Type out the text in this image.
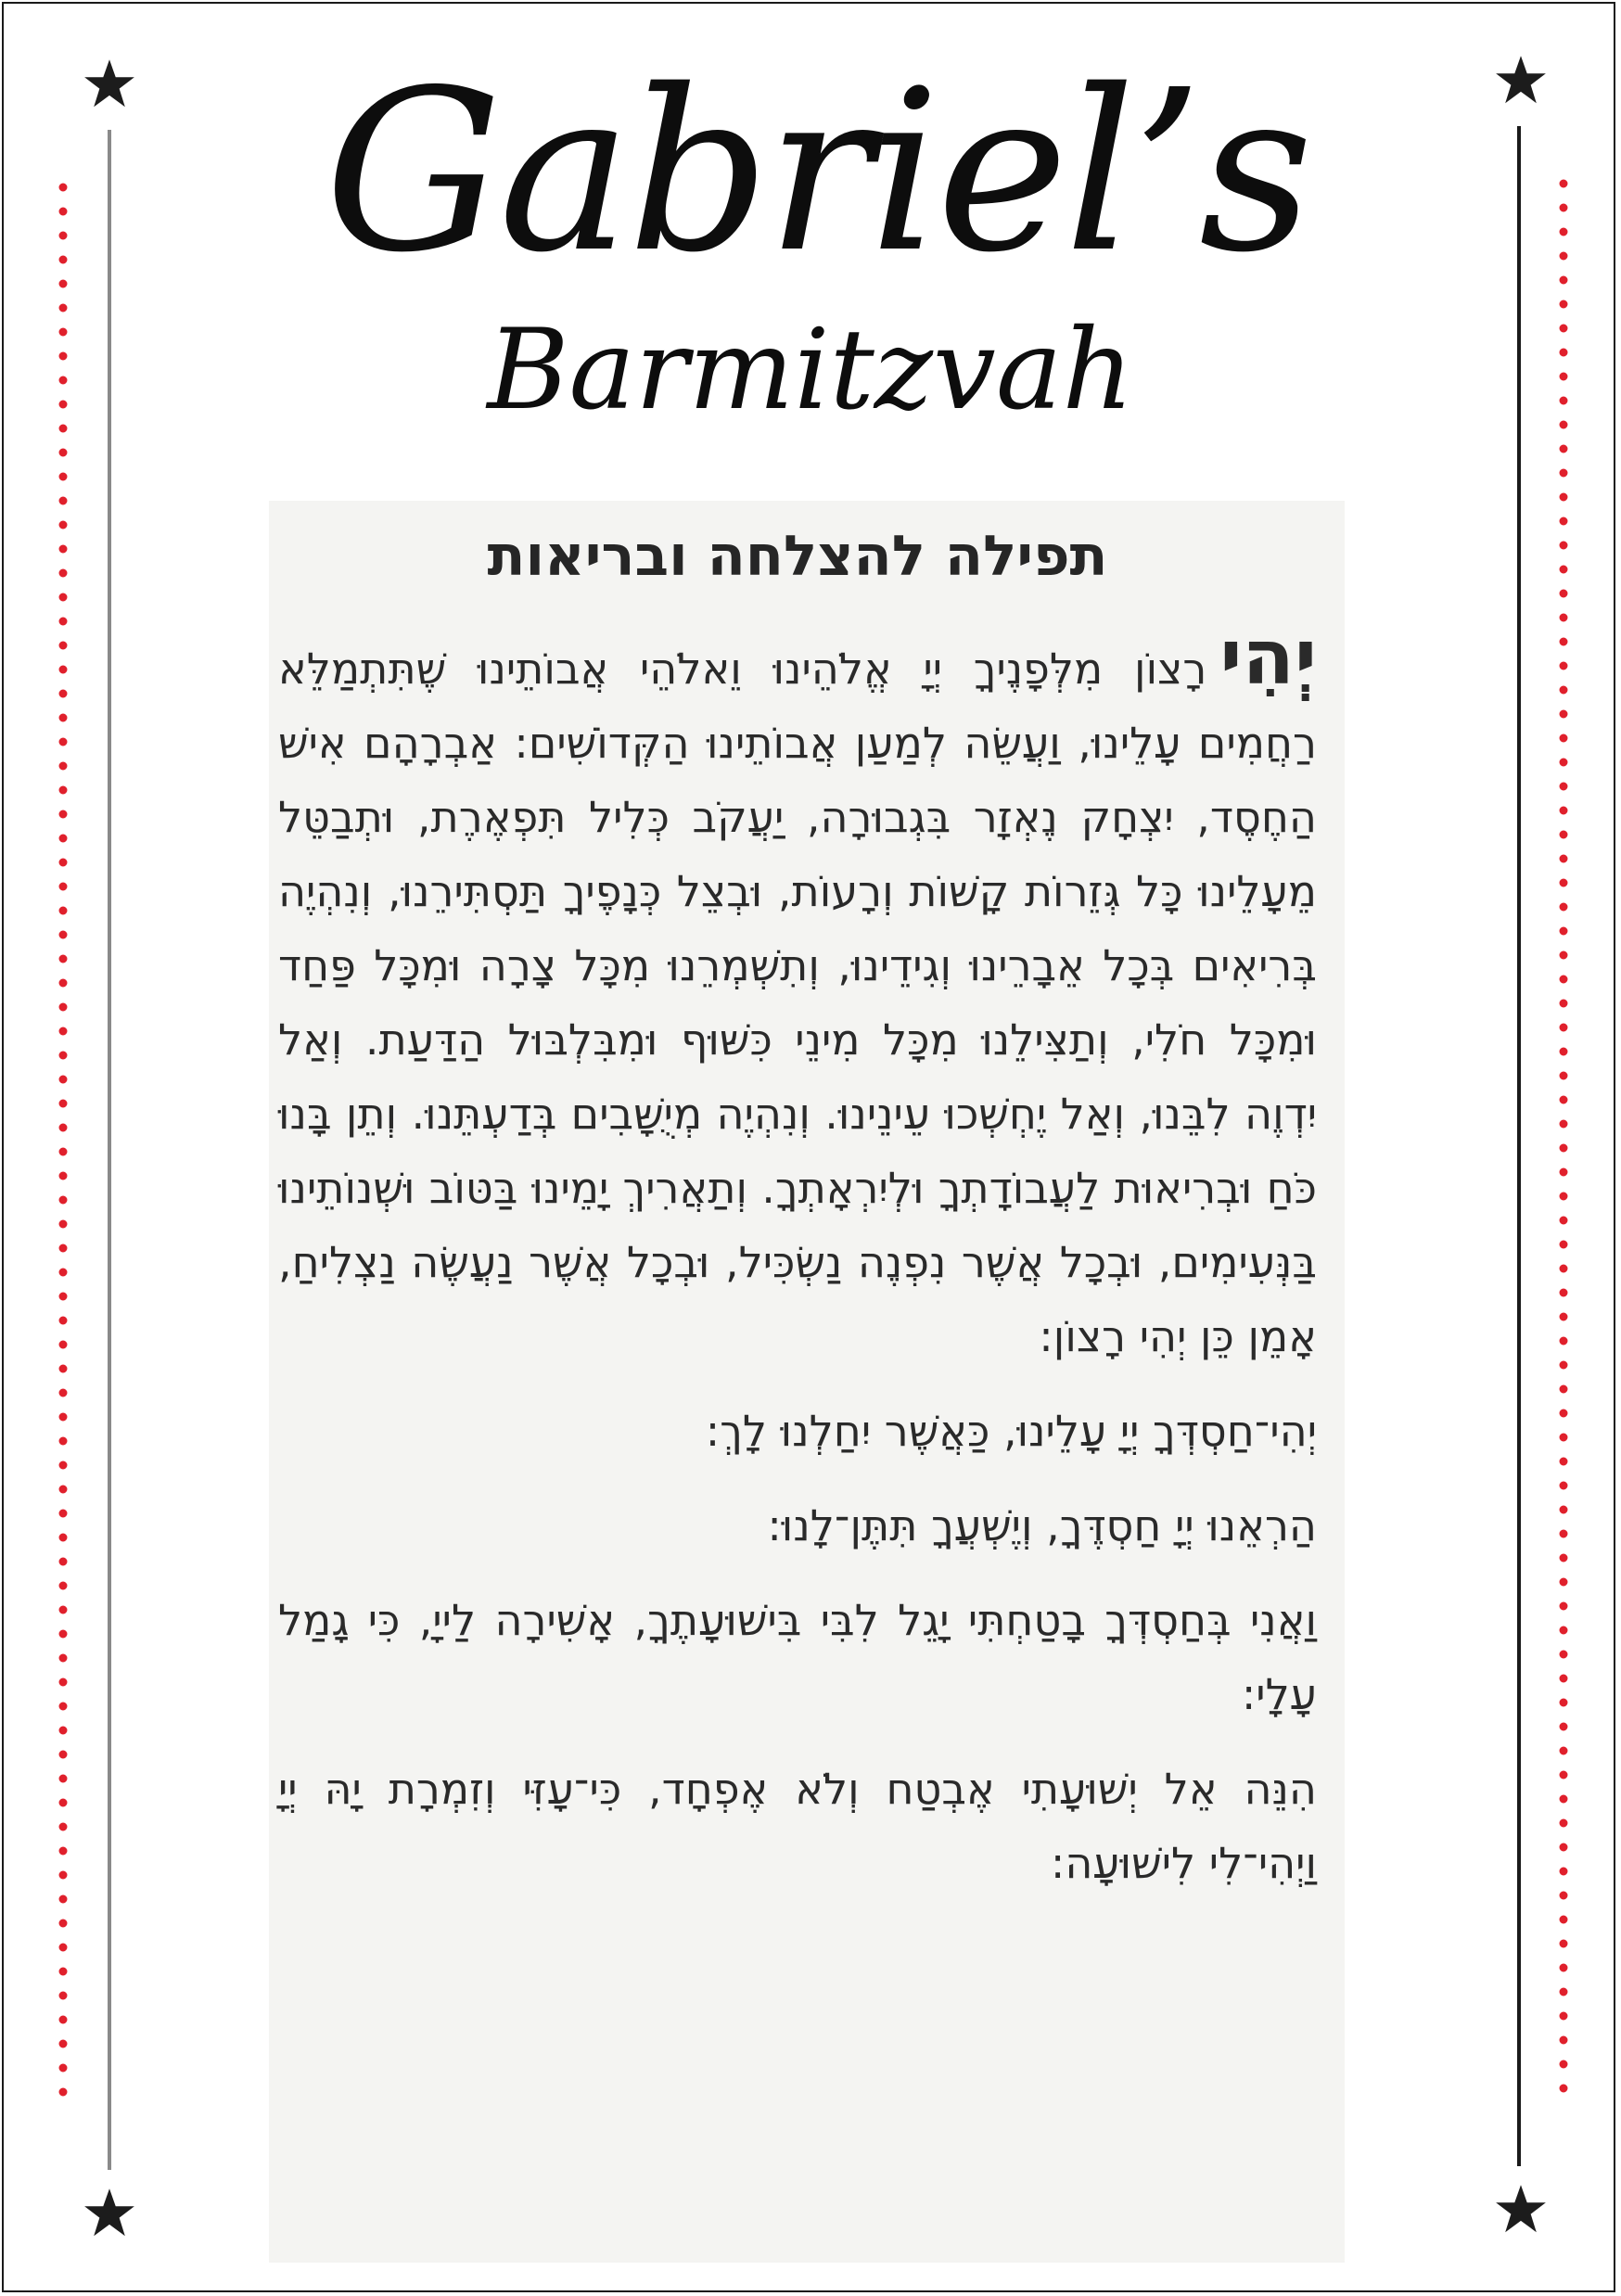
Gabriel’s
Barmitzvah
תפילה להצלחה ובריאות

יְהִירָצוֹן מִלְּפָנֶיךָ יְיָ אֱלֹהֵינוּ וֵאלֹהֵי אֲבוֹתֵינוּ שֶׁתִּתְמַלֵּא רַחֲמִים עָלֵינוּ, וַעֲשֵׂה לְמַעַן אֲבוֹתֵינוּ הַקְּדוֹשִׁים: אַבְרָהָם אִישׁ הַחֶסֶד, יִצְחָק נֶאְזָר בִּגְבוּרָה, יַעֲקֹב כְּלִיל תִּפְאֶרֶת, וּתְבַטֵּל מֵעָלֵינוּ כָּל גְּזֵרוֹת קָשׁוֹת וְרָעוֹת, וּבְצֵל כְּנָפֶיךָ תַּסְתִּירֵנוּ, וְנִהְיֶה בְּרִיאִים בְּכָל אֵבָרֵינוּ וְגִידֵינוּ, וְתִשְׁמְרֵנוּ מִכָּל צָרָה וּמִכָּל פַּחַד וּמִכָּל חֹלִי, וְתַצִּילֵנוּ מִכָּל מִינֵי כִּשּׁוּף וּמִבִּלְבּוּל הַדַּעַת. וְאַל יִדְוֶה לִבֵּנוּ, וְאַל יֶחְשְׁכוּ עֵינֵינוּ. וְנִהְיֶה מְיֻשָּׁבִים בְּדַעְתֵּנוּ. וְתֵן בָּנוּ כֹּחַ וּבְרִיאוּת לַעֲבוֹדָתְךָ וּלְיִרְאָתְךָ. וְתַאֲרִיךְ יָמֵינוּ בַּטּוֹב וּשְׁנוֹתֵינוּ בַּנְּעִימִים, וּבְכָל אֲשֶׁר נִפְנֶה נַשְׂכִּיל, וּבְכָל אֲשֶׁר נַעֲשֶׂה נַצְלִיחַ, אָמֵן כֵּן יְהִי רָצוֹן:

יְהִי־חַסְדְּךָ יְיָ עָלֵינוּ, כַּאֲשֶׁר יִחַלְנוּ לָךְ:

הַרְאֵנוּ יְיָ חַסְדֶּךָ, וְיֶשְׁעֲךָ תִּתֶּן־לָנוּ:

וַאֲנִי בְּחַסְדְּךָ בָטַחְתִּי יָגֵל לִבִּי בִּישׁוּעָתֶךָ, אָשִׁירָה לַייָ, כִּי גָמַל עָלָי:

הִנֵּה אֵל יְשׁוּעָתִי אֶבְטַח וְלֹא אֶפְחָד, כִּי־עָזִּי וְזִמְרָת יָהּ יְיָ וַיְהִי־לִי לִישׁוּעָה:
